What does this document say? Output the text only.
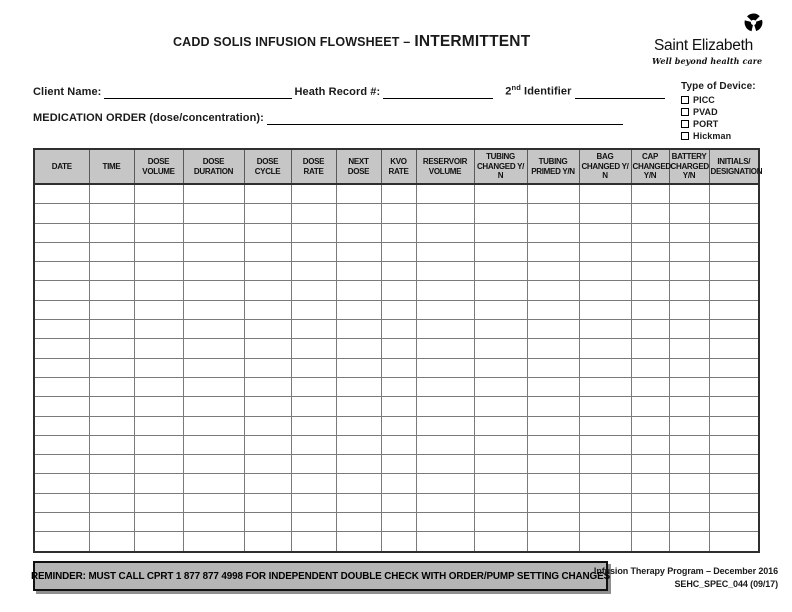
CADD SOLIS INFUSION FLOWSHEET – INTERMITTENT	Saint Elizabeth
Well beyond health care
Client Name:	Heath Record #:	2nd Identifier
MEDICATION ORDER (dose/concentration):
Type of Device:
PICC
PVAD
PORT
Hickman
DATE	TIME	DOSE VOLUME	DOSE DURATION	DOSE CYCLE	DOSE RATE	NEXT DOSE	KVO RATE	RESERVOIR VOLUME	TUBING CHANGED Y/​N	TUBING PRIMED Y/​N	BAG CHANGED Y/​N	CAP CHANGED Y/​N	BATTERY CHARGED Y/​N	INITIALS/​DESIGNATION

REMINDER: MUST CALL CPRT 1 877 877 4998 FOR INDEPENDENT DOUBLE CHECK WITH ORDER/PUMP SETTING CHANGES
Infusion Therapy Program – December 2016
SEHC_SPEC_044 (09/17)
